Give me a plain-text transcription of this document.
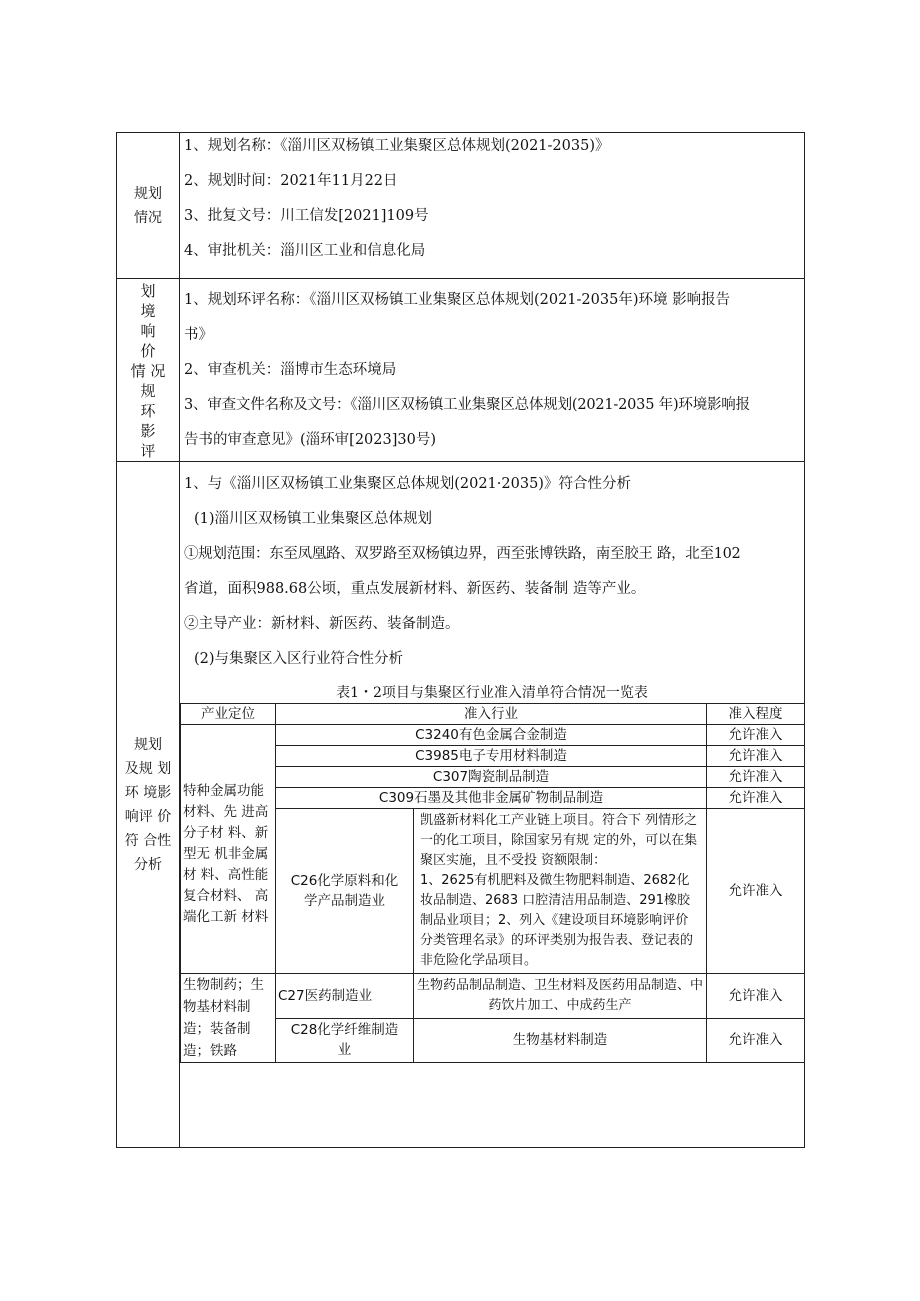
规划
情况

1、规划名称：《淄川区双杨镇工业集聚区总体规划(2021-2035)》
2、规划时间：2021年11月22日
3、批复文号：川工信发[2021]109号
4、审批机关：淄川区工业和信息化局

划
境
响
价
情 况
规
环
影
评

1、规划环评名称：《淄川区双杨镇工业集聚区总体规划(2021-2035年)环境 影响报告
书》
2、审查机关：淄博市生态环境局
3、审查文件名称及文号：《淄川区双杨镇工业集聚区总体规划(2021-2035 年)环境影响报
告书的审查意见》(淄环审[2023]30号)

规划
及规 划
环 境影
响评 价
符 合性
分析

1、与《淄川区双杨镇工业集聚区总体规划(2021·2035)》符合性分析
(1)淄川区双杨镇工业集聚区总体规划
①规划范围：东至凤凰路、双罗路至双杨镇边界，西至张博铁路，南至胶王 路，北至102
省道，面积988.68公顷，重点发展新材料、新医药、装备制 造等产业。
②主导产业：新材料、新医药、装备制造。
(2)与集聚区入区行业符合性分析
表1・2项目与集聚区行业准入清单符合情况一览表
产业定位	准入行业	准入程度
特种金属功能材料、先 进高分子材 料、新型无 机非金属材 料、高性能 复合材料、 高端化工新 材料	C3240有色金属合金制造	允许准入
C3985电子专用材料制造	允许准入
C307陶瓷制品制造	允许准入
C309石墨及其他非金属矿物制品制造	允许准入
C26化学原料和化学产品制造业	凯盛新材料化工产业链上项目。符合下 列情形之一的化工项目，除国家另有规 定的外，可以在集聚区实施，且不受投 资额限制：
1、2625有机肥料及微生物肥料制造、2682化妆品制造、2683 口腔清洁用品制造、291橡胶制品业项目；2、列入《建设项目环境影响评价分类管理名录》的环评类别为报告表、登记表的非危险化学品项目。	允许准入
生物制药；生物基材料制造；装备制造；铁路	C27医药制造业	生物药品制品制造、卫生材料及医药用品制造、中药饮片加工、中成药生产	允许准入
C28化学纤维制造业	生物基材料制造	允许准入
